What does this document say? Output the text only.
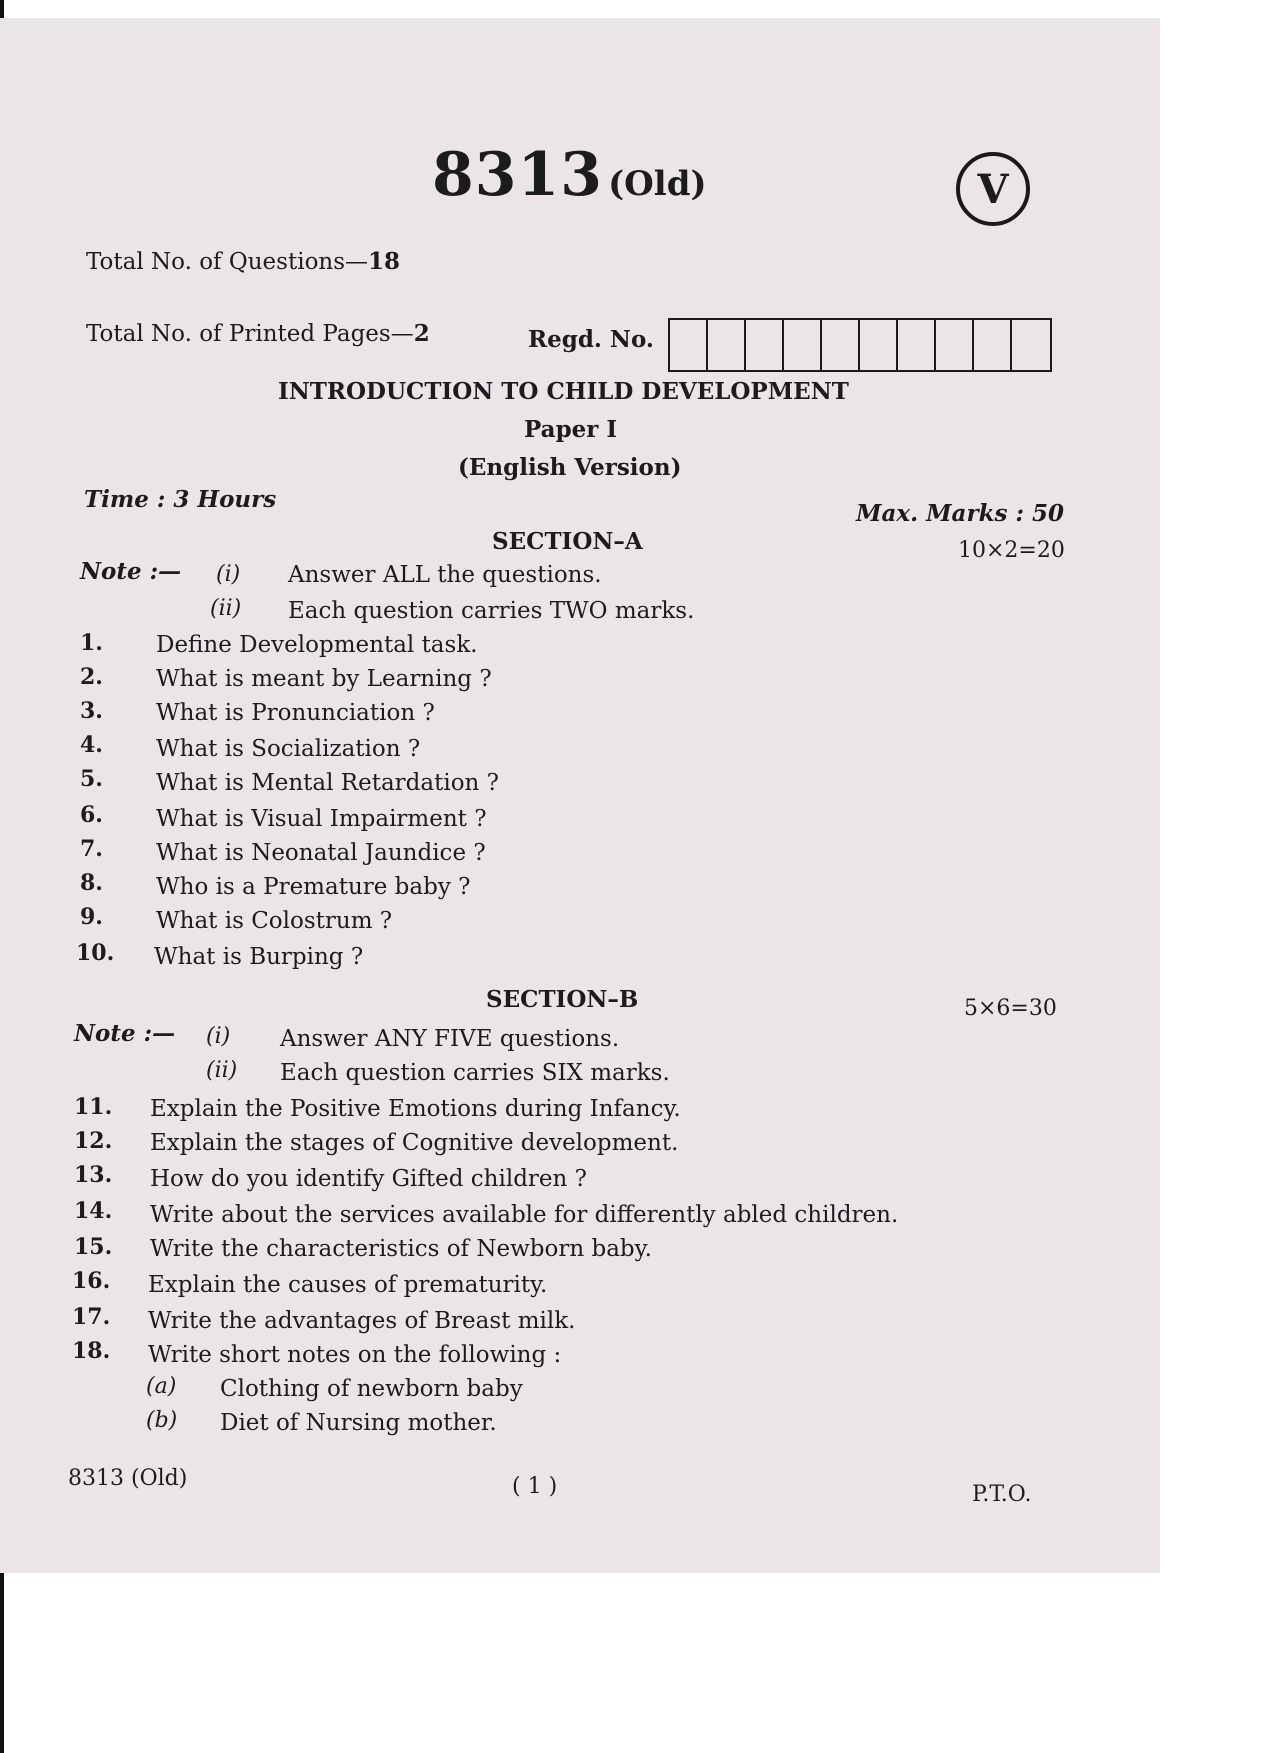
8313 (Old)	V
Total No. of Questions—18
Total No. of Printed Pages—2	Regd. No.
INTRODUCTION TO CHILD DEVELOPMENT
Paper I
(English Version)
Time : 3 Hours
Max. Marks : 50
SECTION–A	10×2=20
Note :— (i) Answer ALL the questions.
(ii) Each question carries TWO marks.
1. Define Developmental task.
2. What is meant by Learning ?
3. What is Pronunciation ?
4. What is Socialization ?
5. What is Mental Retardation ?
6. What is Visual Impairment ?
7. What is Neonatal Jaundice ?
8. Who is a Premature baby ?
9. What is Colostrum ?
10. What is Burping ?
SECTION–B	5×6=30
Note :— (i) Answer ANY FIVE questions.
(ii) Each question carries SIX marks.
11. Explain the Positive Emotions during Infancy.
12. Explain the stages of Cognitive development.
13. How do you identify Gifted children ?
14. Write about the services available for differently abled children.
15. Write the characteristics of Newborn baby.
16. Explain the causes of prematurity.
17. Write the advantages of Breast milk.
18. Write short notes on the following :
(a) Clothing of newborn baby
(b) Diet of Nursing mother.
8313 (Old)	( 1 )	P.T.O.
